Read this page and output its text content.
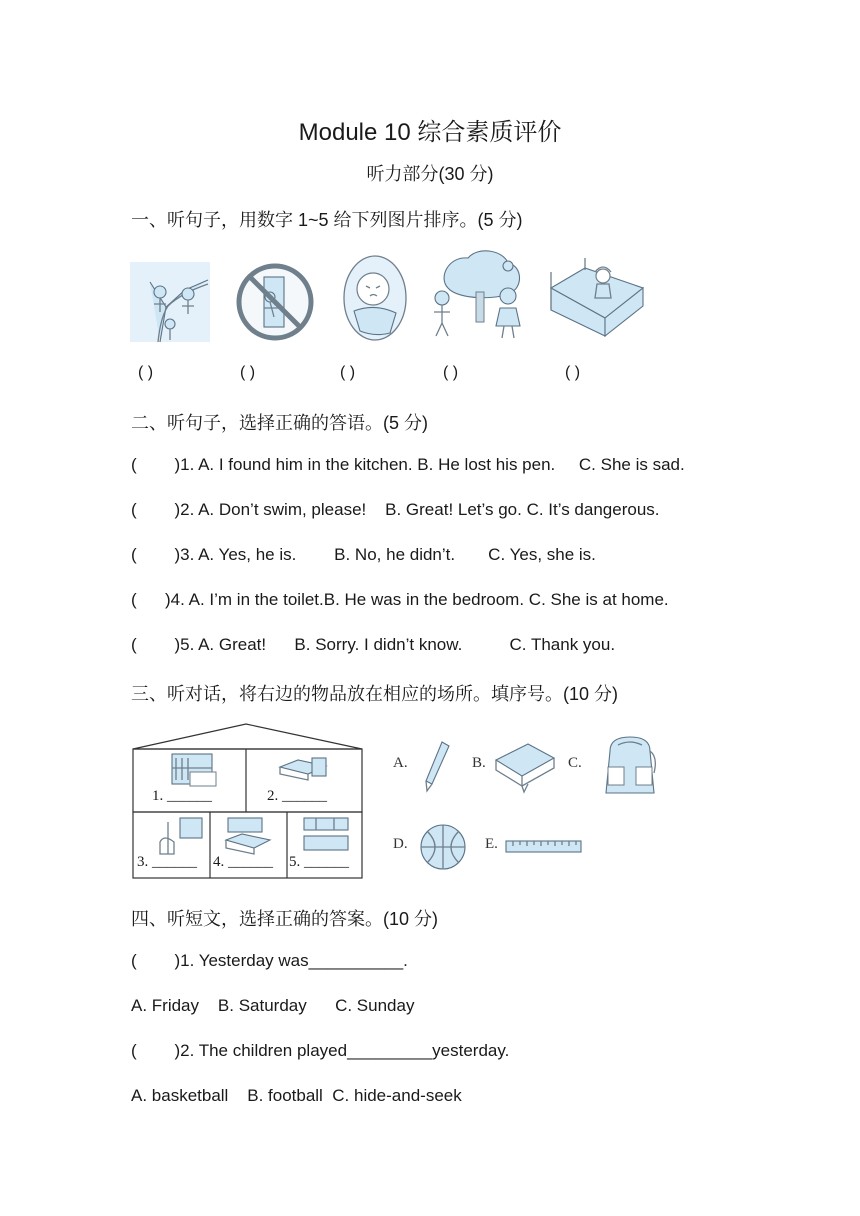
Module 10 综合素质评价
听力部分(30 分)
一、听句子，用数字 1~5 给下列图片排序。(5 分)
( )	( )	( )	( )	( )
二、听句子，选择正确的答语。(5 分)
(        )1. A. I found him in the kitchen. B. He lost his pen.     C. She is sad.
(        )2. A. Don’t swim, please!    B. Great! Let’s go. C. It’s dangerous.
(        )3. A. Yes, he is.        B. No, he didn’t.       C. Yes, she is.
(      )4. A. I’m in the toilet.B. He was in the bedroom. C. She is at home.
(        )5. A. Great!      B. Sorry. I didn’t know.          C. Thank you.
三、听对话，将右边的物品放在相应的场所。填序号。(10 分)
1. ______	2. ______
3. ______ 4. ______ 5. ______
A.	B.	C.
D.	E.
四、听短文，选择正确的答案。(10 分)
(        )1. Yesterday was__________.
A. Friday    B. Saturday      C. Sunday
(        )2. The children played_________yesterday.
A. basketball    B. football  C. hide-and-seek
